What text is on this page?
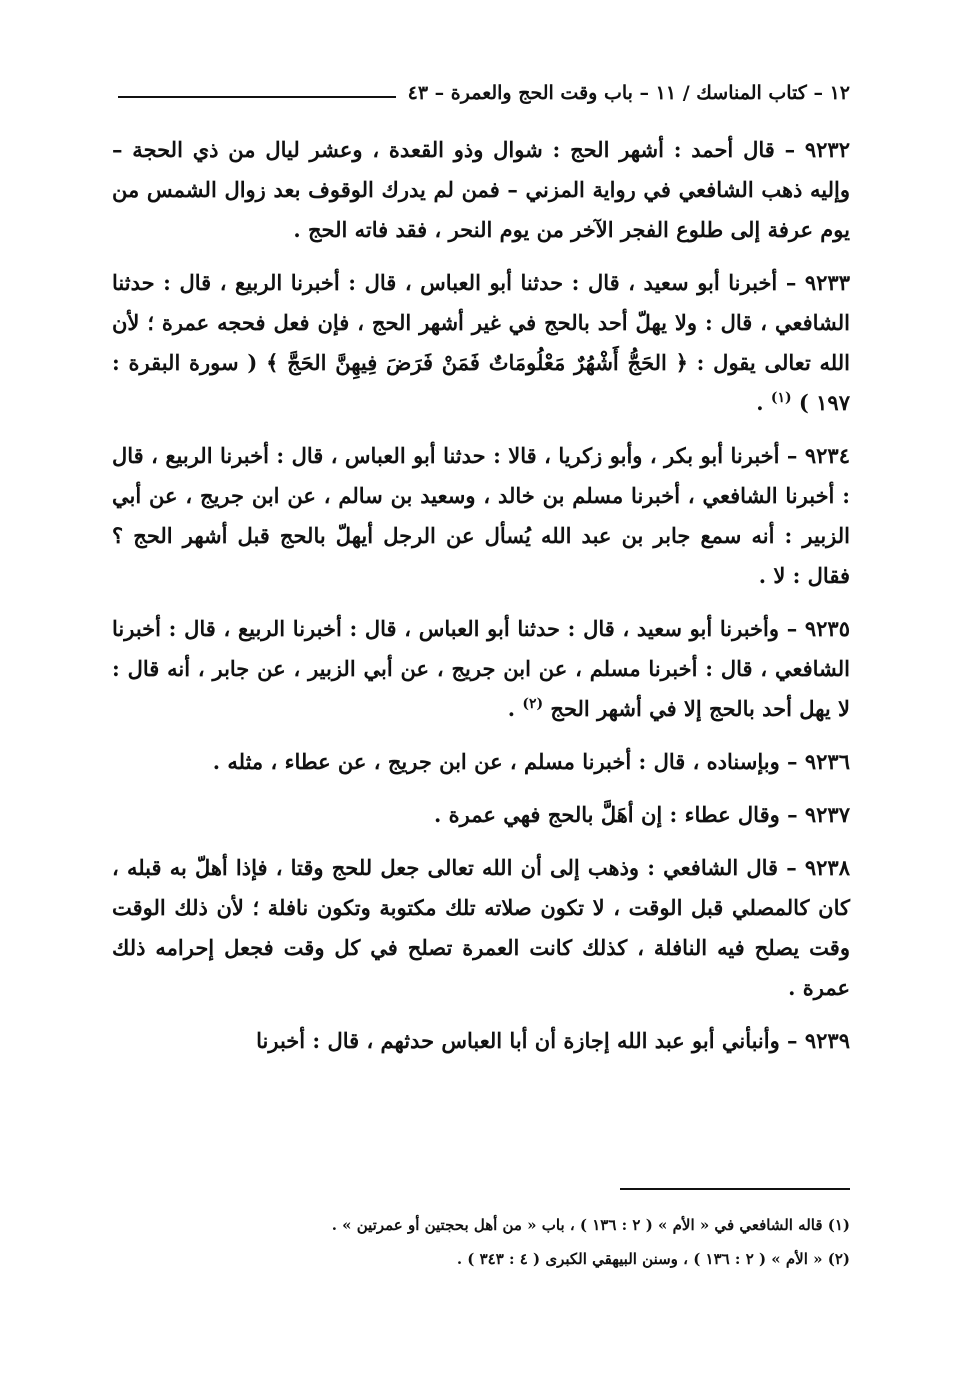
١٢ – كتاب المناسك / ١١ – باب وقت الحج والعمرة – ٤٣

٩٢٣٢ – قال أحمد : أشهر الحج : شوال وذو القعدة ، وعشر ليال من ذي الحجة – وإليه ذهب الشافعي في رواية المزني – فمن لم يدرك الوقوف بعد زوال الشمس من يوم عرفة إلى طلوع الفجر الآخر من يوم النحر ، فقد فاته الحج .

٩٢٣٣ – أخبرنا أبو سعيد ، قال : حدثنا أبو العباس ، قال : أخبرنا الربيع ، قال : حدثنا الشافعي ، قال : ولا يهلّ أحد بالحج في غير أشهر الحج ، فإن فعل فحجه عمرة ؛ لأن الله تعالى يقول : ﴿ الحَجُّ أَشْهُرٌ مَعْلُومَاتٌ فَمَنْ فَرَضَ فِيهِنَّ الحَجَّ ﴾ ( سورة البقرة : ١٩٧ ) $^{(١)}$ .

٩٢٣٤ – أخبرنا أبو بكر ، وأبو زكريا ، قالا : حدثنا أبو العباس ، قال : أخبرنا الربيع ، قال : أخبرنا الشافعي ، أخبرنا مسلم بن خالد ، وسعيد بن سالم ، عن ابن جريج ، عن أبي الزبير : أنه سمع جابر بن عبد الله يُسأل عن الرجل أيهلّ بالحج قبل أشهر الحج ؟ فقال : لا .

٩٢٣٥ – وأخبرنا أبو سعيد ، قال : حدثنا أبو العباس ، قال : أخبرنا الربيع ، قال : أخبرنا الشافعي ، قال : أخبرنا مسلم ، عن ابن جريج ، عن أبي الزبير ، عن جابر ، أنه قال : لا يهل أحد بالحج إلا في أشهر الحج $^{(٢)}$ .

٩٢٣٦ – وبإسناده ، قال : أخبرنا مسلم ، عن ابن جريج ، عن عطاء ، مثله .

٩٢٣٧ – وقال عطاء : إن أهَلَّ بالحج فهي عمرة .

٩٢٣٨ – قال الشافعي : وذهب إلى أن الله تعالى جعل للحج وقتا ، فإذا أهلّ به قبله ، كان كالمصلي قبل الوقت ، لا تكون صلاته تلك مكتوبة وتكون نافلة ؛ لأن ذلك الوقت وقت يصلح فيه النافلة ، كذلك كانت العمرة تصلح في كل وقت فجعل إحرامه ذلك عمرة .

٩٢٣٩ – وأنبأني أبو عبد الله إجازة أن أبا العباس حدثهم ، قال : أخبرنا

(١) قاله الشافعي في « الأم » ( ٢ : ١٣٦ ) ، باب « من أهل بحجتين أو عمرتين » .

(٢) « الأم » ( ٢ : ١٣٦ ) ، وسنن البيهقي الكبرى ( ٤ : ٣٤٣ ) .
